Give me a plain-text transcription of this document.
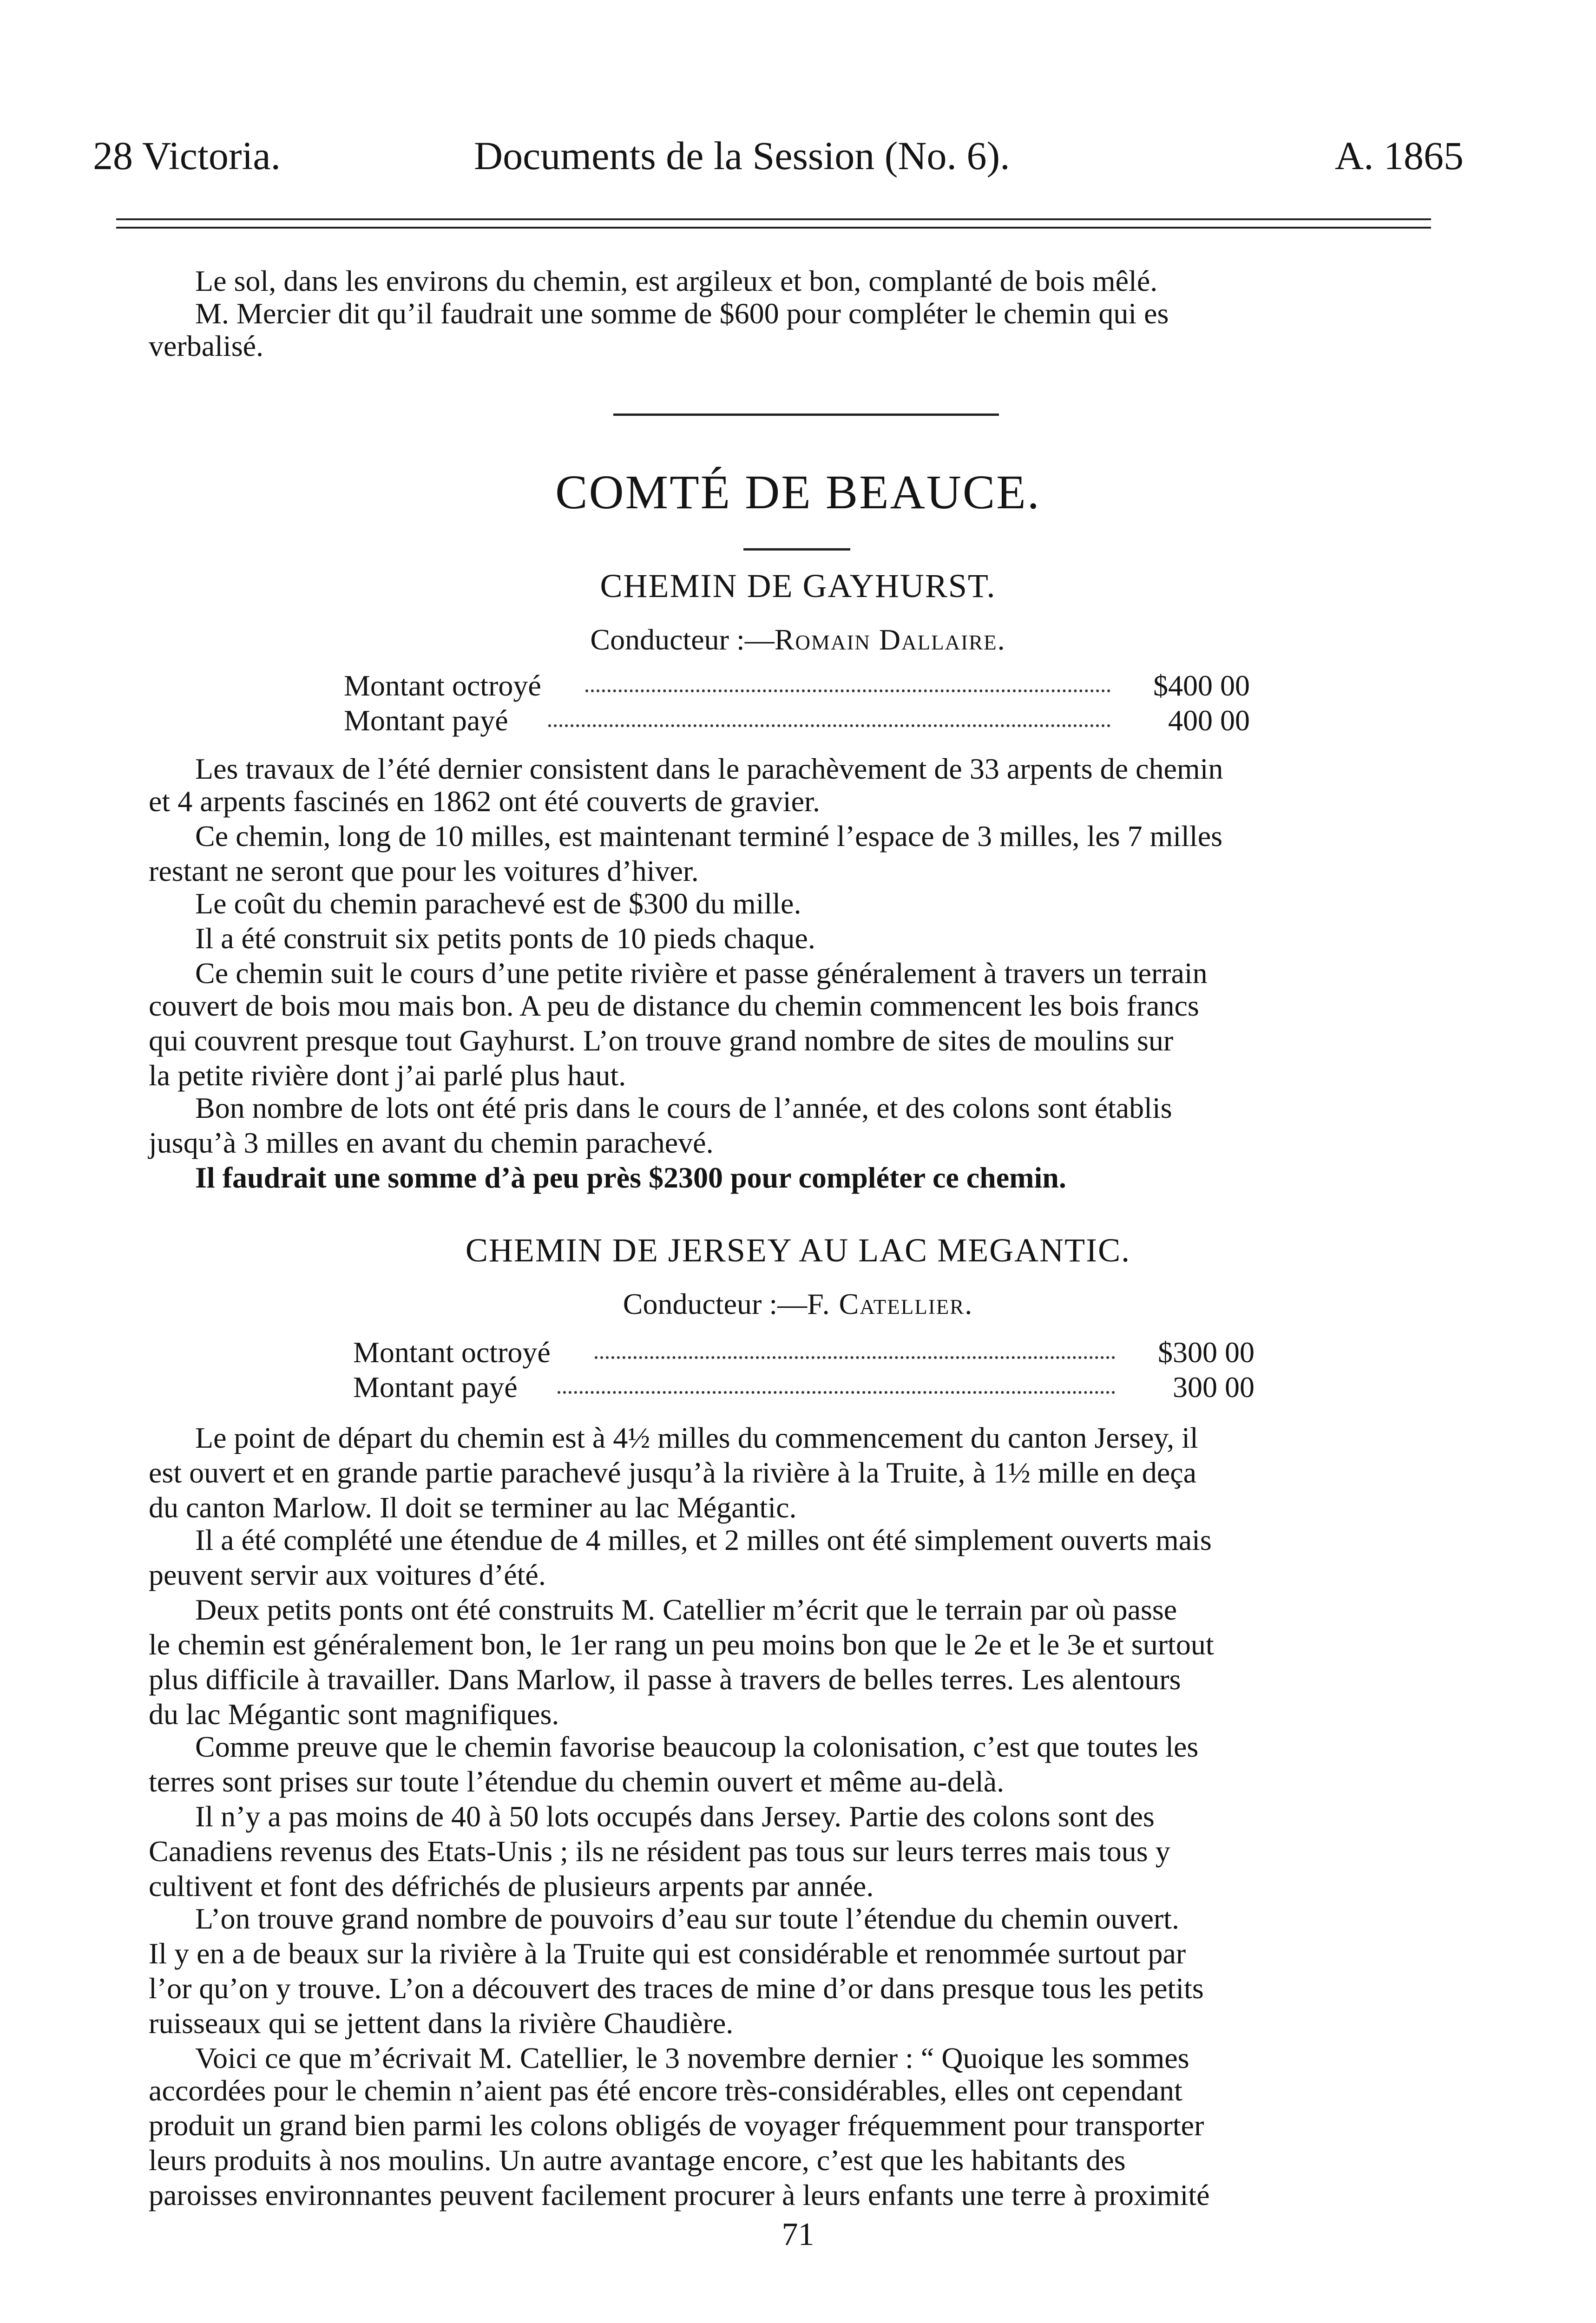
28 Victoria.	Documents de la Session (No. 6).	A. 1865
Le sol, dans les environs du chemin, est argileux et bon, complanté de bois mêlé.
M. Mercier dit qu’il faudrait une somme de $600 pour compléter le chemin qui es
verbalisé.
COMTÉ DE BEAUCE.
CHEMIN DE GAYHURST.
Conducteur :—Romain Dallaire.
Montant octroyé	$400 00
Montant payé	400 00
Les travaux de l’été dernier consistent dans le parachèvement de 33 arpents de chemin
et 4 arpents fascinés en 1862 ont été couverts de gravier.
Ce chemin, long de 10 milles, est maintenant terminé l’espace de 3 milles, les 7 milles
restant ne seront que pour les voitures d’hiver.
Le coût du chemin parachevé est de $300 du mille.
Il a été construit six petits ponts de 10 pieds chaque.
Ce chemin suit le cours d’une petite rivière et passe généralement à travers un terrain
couvert de bois mou mais bon. A peu de distance du chemin commencent les bois francs
qui couvrent presque tout Gayhurst. L’on trouve grand nombre de sites de moulins sur
la petite rivière dont j’ai parlé plus haut.
Bon nombre de lots ont été pris dans le cours de l’année, et des colons sont établis
jusqu’à 3 milles en avant du chemin parachevé.
Il faudrait une somme d’à peu près $2300 pour compléter ce chemin.
CHEMIN DE JERSEY AU LAC MEGANTIC.
Conducteur :—F. Catellier.
Montant octroyé	$300 00
Montant payé	300 00
Le point de départ du chemin est à 4½ milles du commencement du canton Jersey, il
est ouvert et en grande partie parachevé jusqu’à la rivière à la Truite, à 1½ mille en deça
du canton Marlow. Il doit se terminer au lac Mégantic.
Il a été complété une étendue de 4 milles, et 2 milles ont été simplement ouverts mais
peuvent servir aux voitures d’été.
Deux petits ponts ont été construits M. Catellier m’écrit que le terrain par où passe
le chemin est généralement bon, le 1er rang un peu moins bon que le 2e et le 3e et surtout
plus difficile à travailler. Dans Marlow, il passe à travers de belles terres. Les alentours
du lac Mégantic sont magnifiques.
Comme preuve que le chemin favorise beaucoup la colonisation, c’est que toutes les
terres sont prises sur toute l’étendue du chemin ouvert et même au-delà.
Il n’y a pas moins de 40 à 50 lots occupés dans Jersey. Partie des colons sont des
Canadiens revenus des Etats-Unis ; ils ne résident pas tous sur leurs terres mais tous y
cultivent et font des défrichés de plusieurs arpents par année.
L’on trouve grand nombre de pouvoirs d’eau sur toute l’étendue du chemin ouvert.
Il y en a de beaux sur la rivière à la Truite qui est considérable et renommée surtout par
l’or qu’on y trouve. L’on a découvert des traces de mine d’or dans presque tous les petits
ruisseaux qui se jettent dans la rivière Chaudière.
Voici ce que m’écrivait M. Catellier, le 3 novembre dernier : “ Quoique les sommes
accordées pour le chemin n’aient pas été encore très-considérables, elles ont cependant
produit un grand bien parmi les colons obligés de voyager fréquemment pour transporter
leurs produits à nos moulins. Un autre avantage encore, c’est que les habitants des
paroisses environnantes peuvent facilement procurer à leurs enfants une terre à proximité
71
